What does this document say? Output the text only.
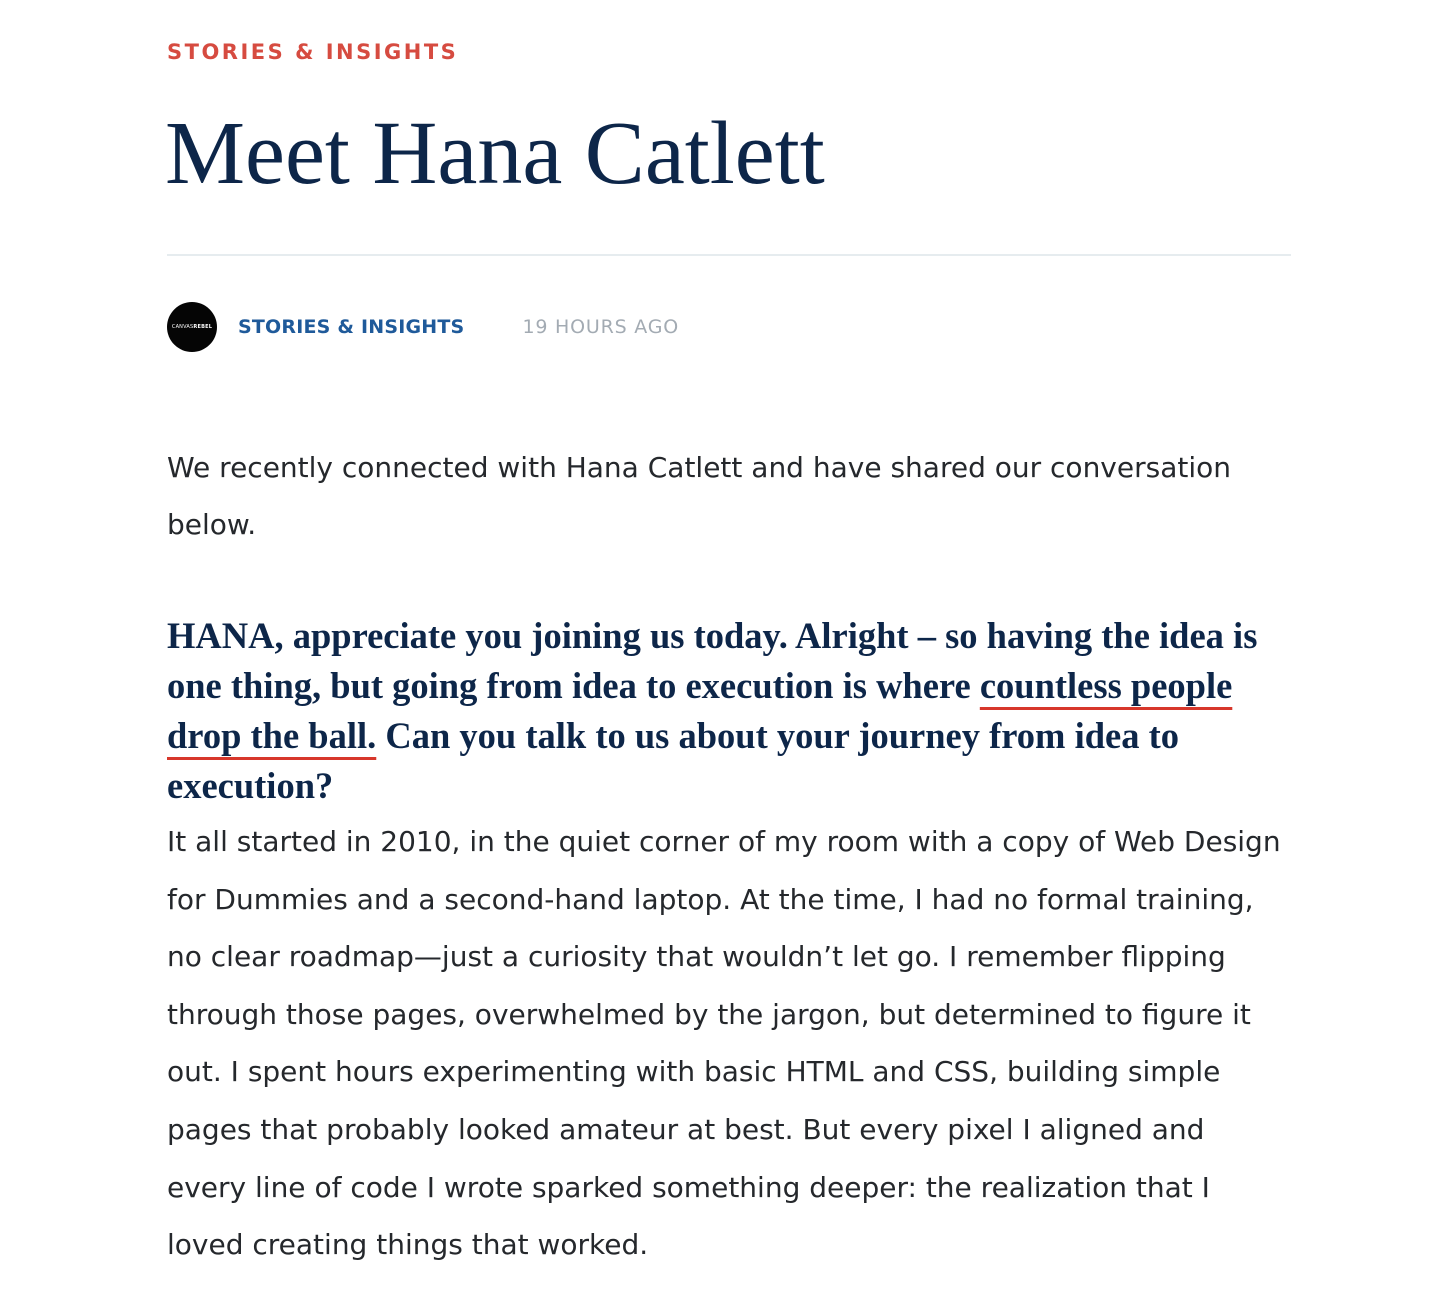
STORIES & INSIGHTS
Meet Hana Catlett
CANVASREBEL STORIES & INSIGHTS	19 HOURS AGO

We recently connected with Hana Catlett and have shared our conversation below.

HANA, appreciate you joining us today. Alright – so having the idea is one thing, but going from idea to execution is where countless people drop the ball. Can you talk to us about your journey from idea to execution?

It all started in 2010, in the quiet corner of my room with a copy of Web Design for Dummies and a second-hand laptop. At the time, I had no formal training, no clear roadmap—just a curiosity that wouldn’t let go. I remember flipping through those pages, overwhelmed by the jargon, but determined to figure it out. I spent hours experimenting with basic HTML and CSS, building simple pages that probably looked amateur at best. But every pixel I aligned and every line of code I wrote sparked something deeper: the realization that I loved creating things that worked.
